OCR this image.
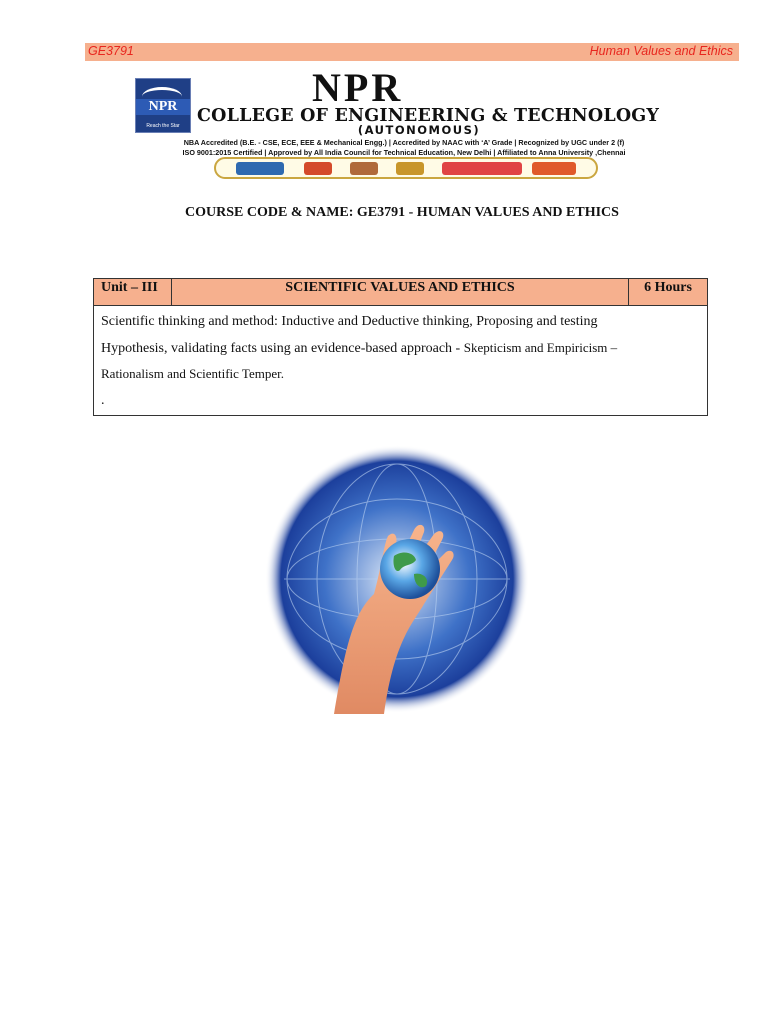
GE3791	Human Values and Ethics
NPR
Reach the Star
NPR
COLLEGE OF ENGINEERING & TECHNOLOGY
(AUTONOMOUS)
NBA Accredited (B.E. - CSE, ECE, EEE & Mechanical Engg.) | Accredited by NAAC with ‘A’ Grade | Recognized by UGC under 2 (f)
ISO 9001:2015 Certified | Approved by All India Council for Technical Education, New Delhi | Affiliated to Anna University ,Chennai
COURSE CODE & NAME: GE3791 - HUMAN VALUES AND ETHICS
Unit – III	SCIENTIFIC VALUES AND ETHICS	6 Hours

Scientific thinking and method: Inductive and Deductive thinking, Proposing and testing
Hypothesis, validating facts using an evidence-based approach - Skepticism and Empiricism –
Rationalism and Scientific Temper.
.
